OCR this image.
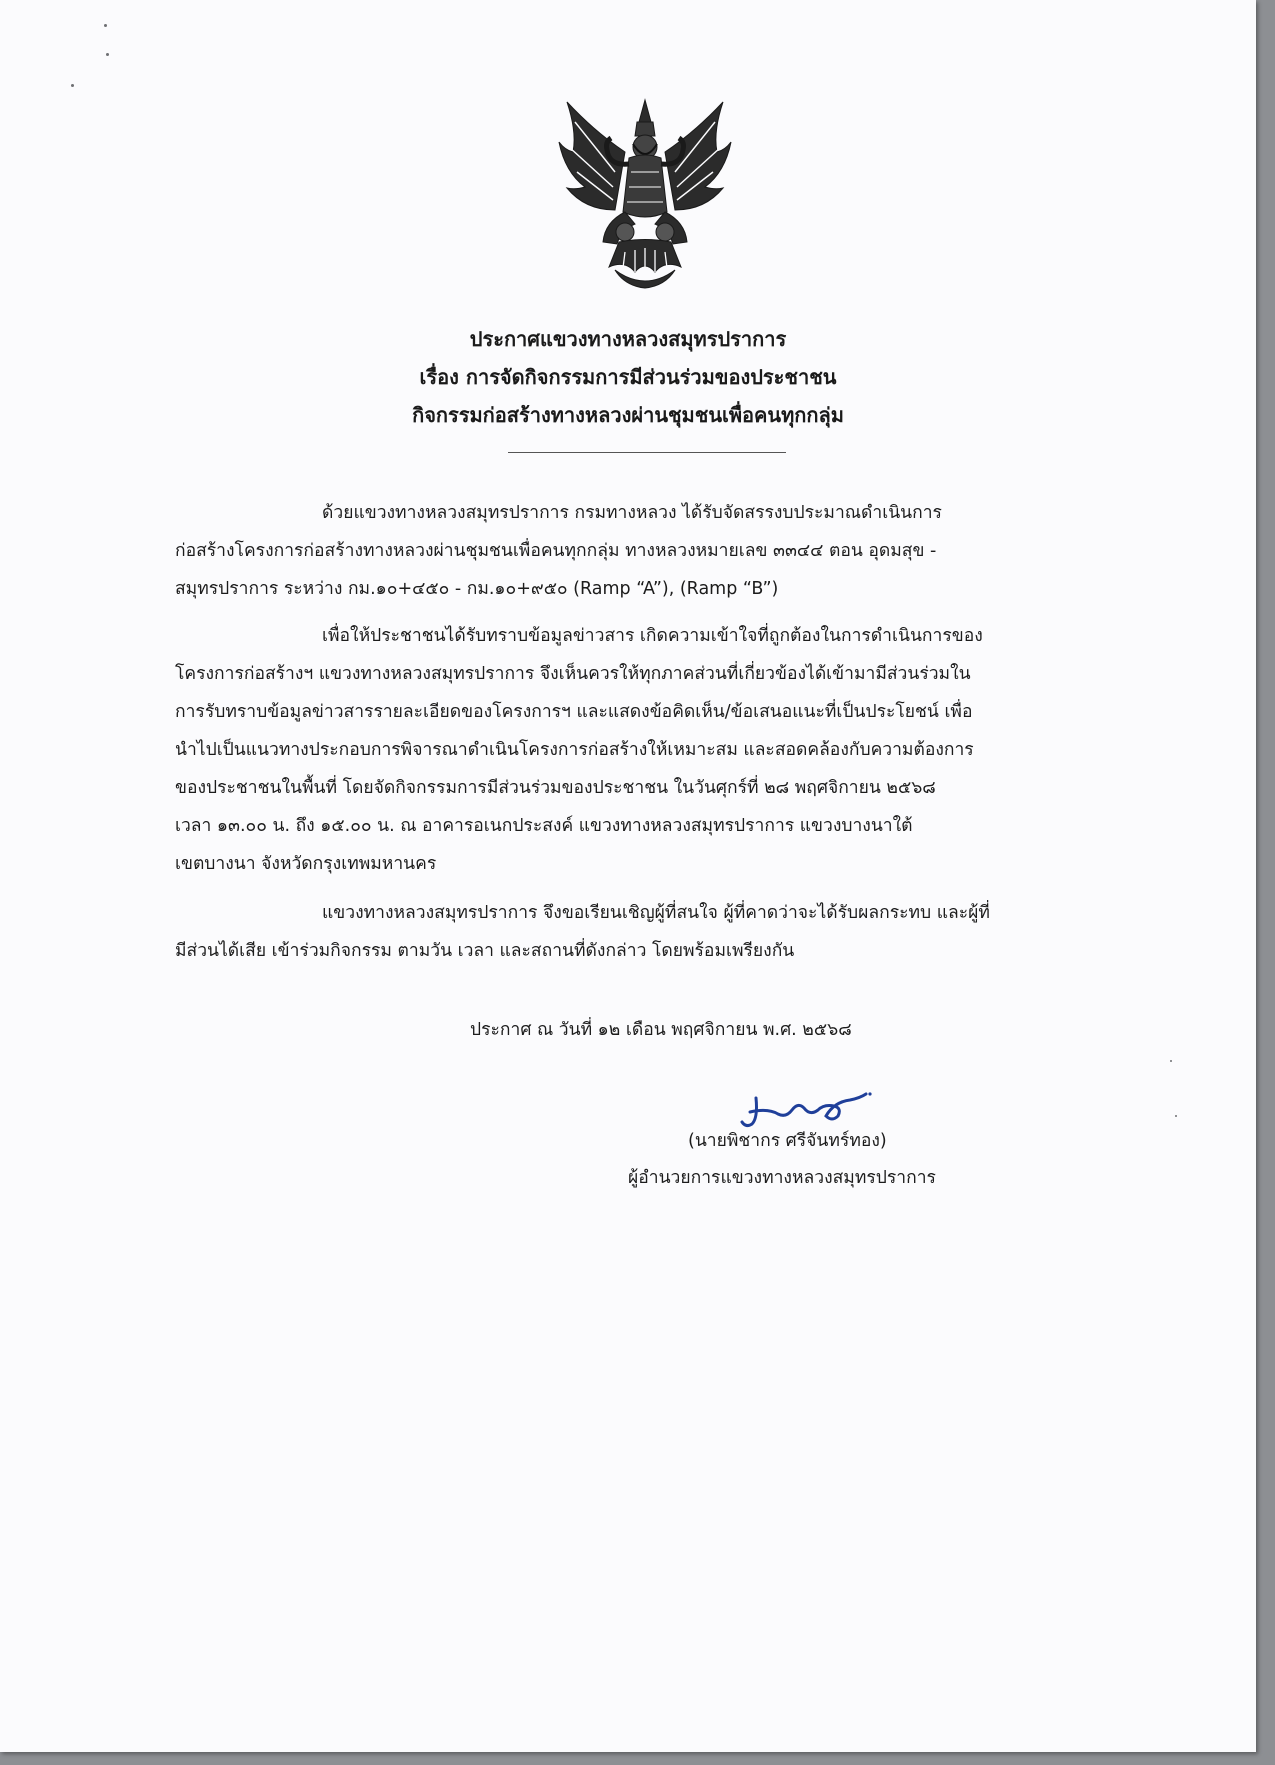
ประกาศแขวงทางหลวงสมุทรปราการ
เรื่อง การจัดกิจกรรมการมีส่วนร่วมของประชาชน
กิจกรรมก่อสร้างทางหลวงผ่านชุมชนเพื่อคนทุกกลุ่ม
ด้วยแขวงทางหลวงสมุทรปราการ กรมทางหลวง ได้รับจัดสรรงบประมาณดำเนินการ
ก่อสร้างโครงการก่อสร้างทางหลวงผ่านชุมชนเพื่อคนทุกกลุ่ม ทางหลวงหมายเลข ๓๓๔๔ ตอน อุดมสุข -
สมุทรปราการ ระหว่าง กม.๑๐+๔๕๐ - กม.๑๐+๙๕๐ (Ramp “A”), (Ramp “B”)
เพื่อให้ประชาชนได้รับทราบข้อมูลข่าวสาร เกิดความเข้าใจที่ถูกต้องในการดำเนินการของ
โครงการก่อสร้างฯ แขวงทางหลวงสมุทรปราการ จึงเห็นควรให้ทุกภาคส่วนที่เกี่ยวข้องได้เข้ามามีส่วนร่วมใน
การรับทราบข้อมูลข่าวสารรายละเอียดของโครงการฯ และแสดงข้อคิดเห็น/ข้อเสนอแนะที่เป็นประโยชน์ เพื่อ
นำไปเป็นแนวทางประกอบการพิจารณาดำเนินโครงการก่อสร้างให้เหมาะสม และสอดคล้องกับความต้องการ
ของประชาชนในพื้นที่ โดยจัดกิจกรรมการมีส่วนร่วมของประชาชน ในวันศุกร์ที่ ๒๘ พฤศจิกายน ๒๕๖๘
เวลา ๑๓.๐๐ น. ถึง ๑๕.๐๐ น. ณ อาคารอเนกประสงค์ แขวงทางหลวงสมุทรปราการ แขวงบางนาใต้
เขตบางนา จังหวัดกรุงเทพมหานคร
แขวงทางหลวงสมุทรปราการ จึงขอเรียนเชิญผู้ที่สนใจ ผู้ที่คาดว่าจะได้รับผลกระทบ และผู้ที่
มีส่วนได้เสีย เข้าร่วมกิจกรรม ตามวัน เวลา และสถานที่ดังกล่าว โดยพร้อมเพรียงกัน
ประกาศ ณ วันที่ ๑๒ เดือน พฤศจิกายน พ.ศ. ๒๕๖๘
(นายพิชากร ศรีจันทร์ทอง)
ผู้อำนวยการแขวงทางหลวงสมุทรปราการ
